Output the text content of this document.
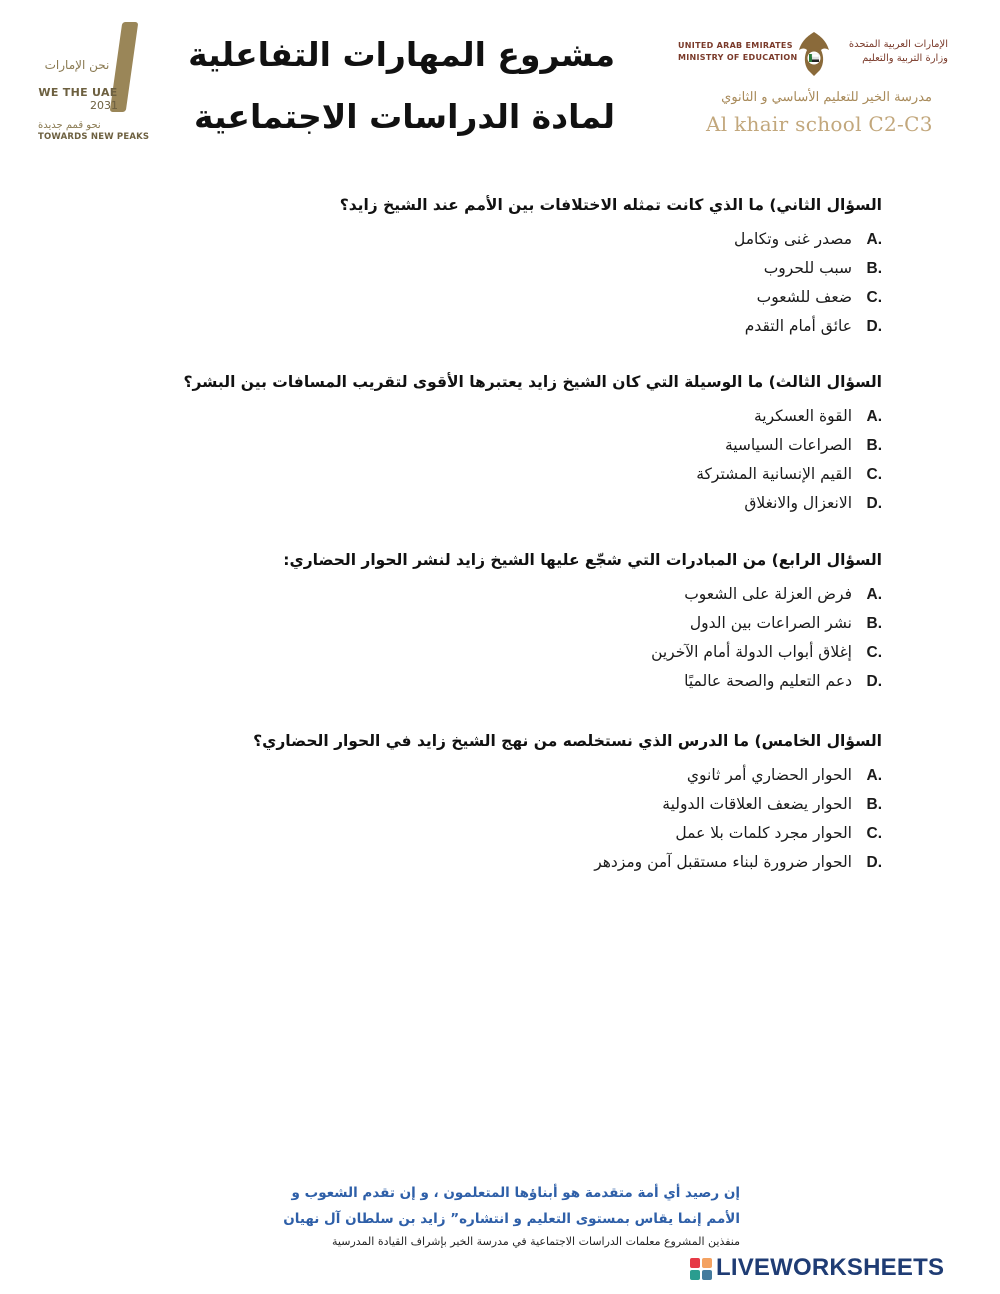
نحن الإمارات
WE THE UAE
2031
نحو قمم جديدة
TOWARDS NEW PEAKS
مشروع المهارات التفاعلية
لمادة الدراسات الاجتماعية
UNITED ARAB EMIRATES
MINISTRY OF EDUCATION
الإمارات العربية المتحدة
وزارة التربية والتعليم
مدرسة الخير للتعليم الأساسي و الثانوي
Al khair school C2-C3
السؤال الثاني) ما الذي كانت تمثله الاختلافات بين الأمم عند الشيخ زايد؟
A.مصدر غنى وتكامل
B.سبب للحروب
C.ضعف للشعوب
D.عائق أمام التقدم
السؤال الثالث) ما الوسيلة التي كان الشيخ زايد يعتبرها الأقوى لتقريب المسافات بين البشر؟
A.القوة العسكرية
B.الصراعات السياسية
C.القيم الإنسانية المشتركة
D.الانعزال والانغلاق
السؤال الرابع) من المبادرات التي شجّع عليها الشيخ زايد لنشر الحوار الحضاري:
A.فرض العزلة على الشعوب
B.نشر الصراعات بين الدول
C.إغلاق أبواب الدولة أمام الآخرين
D.دعم التعليم والصحة عالميًا
السؤال الخامس) ما الدرس الذي نستخلصه من نهج الشيخ زايد في الحوار الحضاري؟
A.الحوار الحضاري أمر ثانوي
B.الحوار يضعف العلاقات الدولية
C.الحوار مجرد كلمات بلا عمل
D.الحوار ضرورة لبناء مستقبل آمن ومزدهر
إن رصيد أي أمة متقدمة هو أبناؤها المتعلمون ، و إن تقدم الشعوب و
الأمم إنما يقاس بمستوى التعليم و انتشاره” زايد بن سلطان آل نهيان
منفذين المشروع معلمات الدراسات الاجتماعية في مدرسة الخير بإشراف القيادة المدرسية
LIVEWORKSHEETS
